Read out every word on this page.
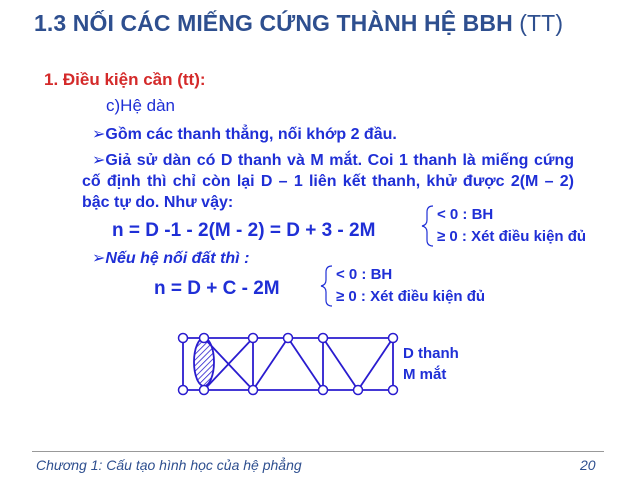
1.3 NỐI CÁC MIẾNG CỨNG THÀNH HỆ BBH (TT)
1. Điều kiện cần (tt):
c)Hệ dàn
➢Gồm các thanh thẳng, nối khớp 2 đầu.
➢Giả sử dàn có D thanh và M mắt. Coi 1 thanh là miếng cứng cố định thì chỉ còn lại D – 1 liên kết thanh, khử được 2(M – 2) bậc tự do. Như vậy:
n = D -1 - 2(M - 2) = D + 3 - 2M
< 0 : BH
≥ 0 : Xét điều kiện đủ
➢Nếu hệ nối đất thì :
n = D + C - 2M
< 0 : BH
≥ 0 : Xét điều kiện đủ
D thanh
M mắt
Chương 1: Cấu tạo hình học của hệ phẳng	20
